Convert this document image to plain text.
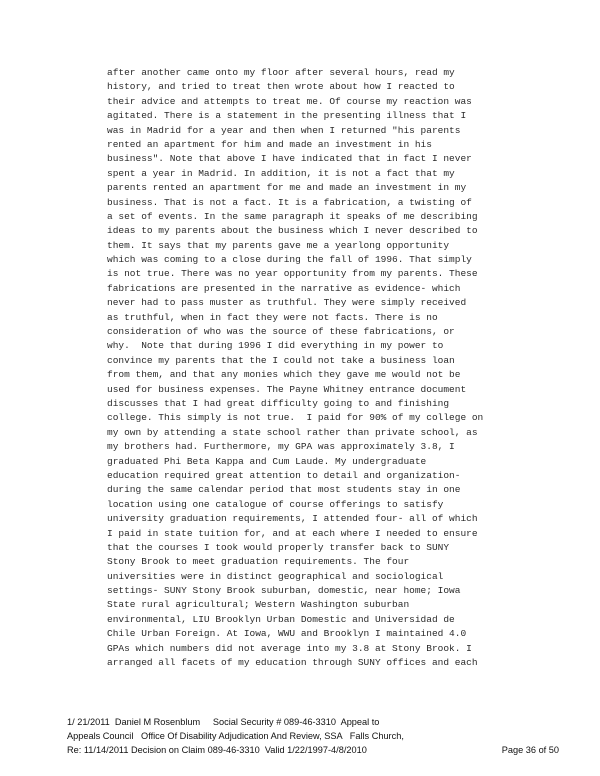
after another came onto my floor after several hours, read my
history, and tried to treat then wrote about how I reacted to
their advice and attempts to treat me. Of course my reaction was
agitated. There is a statement in the presenting illness that I
was in Madrid for a year and then when I returned "his parents
rented an apartment for him and made an investment in his
business". Note that above I have indicated that in fact I never
spent a year in Madrid. In addition, it is not a fact that my
parents rented an apartment for me and made an investment in my
business. That is not a fact. It is a fabrication, a twisting of
a set of events. In the same paragraph it speaks of me describing
ideas to my parents about the business which I never described to
them. It says that my parents gave me a yearlong opportunity
which was coming to a close during the fall of 1996. That simply
is not true. There was no year opportunity from my parents. These
fabrications are presented in the narrative as evidence- which
never had to pass muster as truthful. They were simply received
as truthful, when in fact they were not facts. There is no
consideration of who was the source of these fabrications, or
why.  Note that during 1996 I did everything in my power to
convince my parents that the I could not take a business loan
from them, and that any monies which they gave me would not be
used for business expenses. The Payne Whitney entrance document
discusses that I had great difficulty going to and finishing
college. This simply is not true.  I paid for 90% of my college on
my own by attending a state school rather than private school, as
my brothers had. Furthermore, my GPA was approximately 3.8, I
graduated Phi Beta Kappa and Cum Laude. My undergraduate
education required great attention to detail and organization-
during the same calendar period that most students stay in one
location using one catalogue of course offerings to satisfy
university graduation requirements, I attended four- all of which
I paid in state tuition for, and at each where I needed to ensure
that the courses I took would properly transfer back to SUNY
Stony Brook to meet graduation requirements. The four
universities were in distinct geographical and sociological
settings- SUNY Stony Brook suburban, domestic, near home; Iowa
State rural agricultural; Western Washington suburban
environmental, LIU Brooklyn Urban Domestic and Universidad de
Chile Urban Foreign. At Iowa, WWU and Brooklyn I maintained 4.0
GPAs which numbers did not average into my 3.8 at Stony Brook. I
arranged all facets of my education through SUNY offices and each
1/ 21/2011  Daniel M Rosenblum     Social Security # 089-46-3310  Appeal to
Appeals Council   Office Of Disability Adjudication And Review, SSA   Falls Church,
Re: 11/14/2011 Decision on Claim 089-46-3310  Valid 1/22/1997-4/8/2010	Page 36 of 50
